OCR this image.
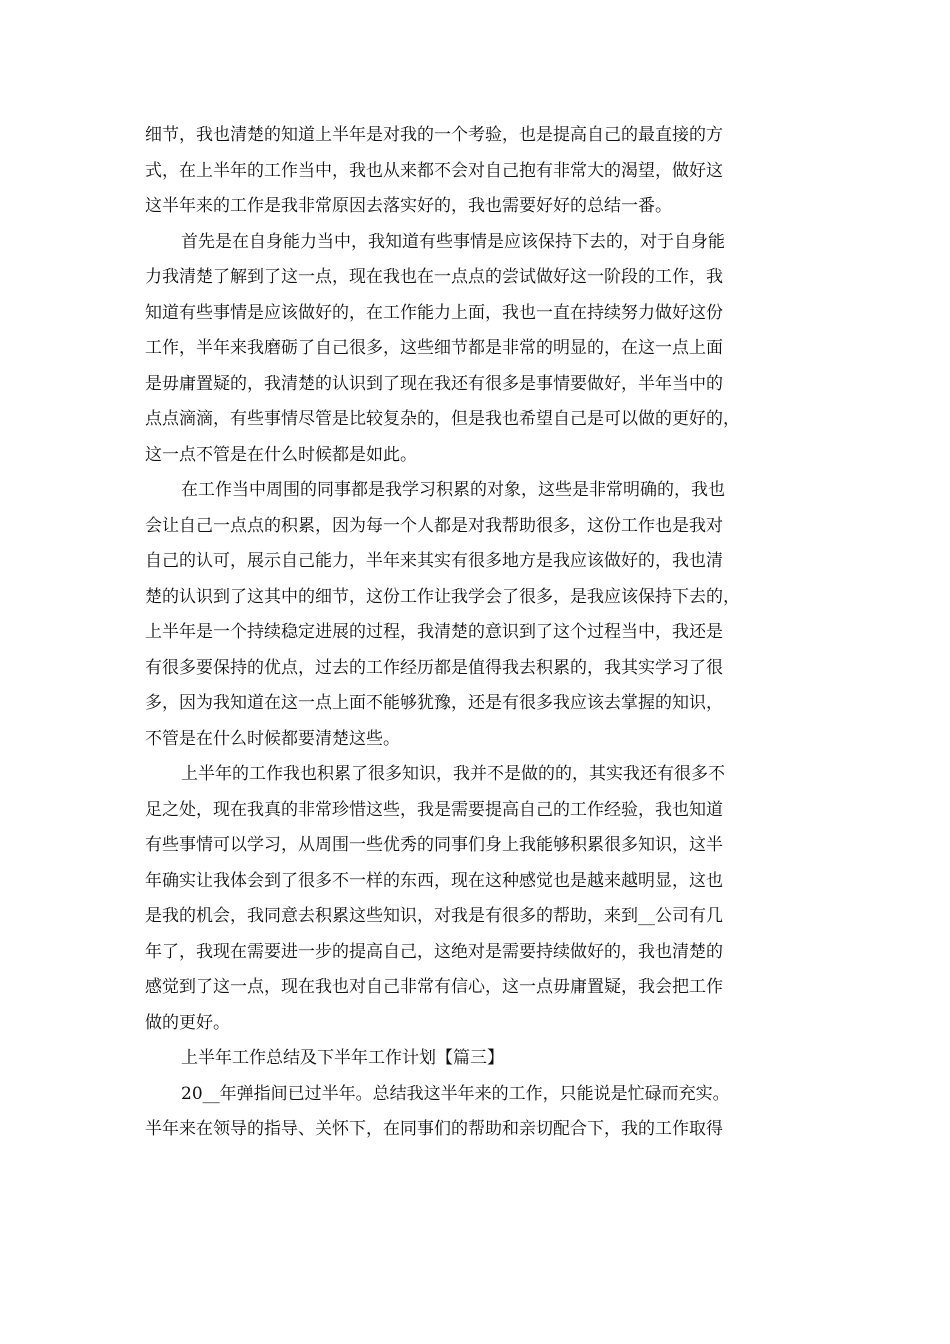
细节，我也清楚的知道上半年是对我的一个考验，也是提高自己的最直接的方
式，在上半年的工作当中，我也从来都不会对自己抱有非常大的渴望，做好这
这半年来的工作是我非常原因去落实好的，我也需要好好的总结一番。
首先是在自身能力当中，我知道有些事情是应该保持下去的，对于自身能
力我清楚了解到了这一点，现在我也在一点点的尝试做好这一阶段的工作，我
知道有些事情是应该做好的，在工作能力上面，我也一直在持续努力做好这份
工作，半年来我磨砺了自己很多，这些细节都是非常的明显的，在这一点上面
是毋庸置疑的，我清楚的认识到了现在我还有很多是事情要做好，半年当中的
点点滴滴，有些事情尽管是比较复杂的，但是我也希望自己是可以做的更好的，
这一点不管是在什么时候都是如此。
在工作当中周围的同事都是我学习积累的对象，这些是非常明确的，我也
会让自己一点点的积累，因为每一个人都是对我帮助很多，这份工作也是我对
自己的认可，展示自己能力，半年来其实有很多地方是我应该做好的，我也清
楚的认识到了这其中的细节，这份工作让我学会了很多，是我应该保持下去的，
上半年是一个持续稳定进展的过程，我清楚的意识到了这个过程当中，我还是
有很多要保持的优点，过去的工作经历都是值得我去积累的，我其实学习了很
多，因为我知道在这一点上面不能够犹豫，还是有很多我应该去掌握的知识，
不管是在什么时候都要清楚这些。
上半年的工作我也积累了很多知识，我并不是做的的，其实我还有很多不
足之处，现在我真的非常珍惜这些，我是需要提高自己的工作经验，我也知道
有些事情可以学习，从周围一些优秀的同事们身上我能够积累很多知识，这半
年确实让我体会到了很多不一样的东西，现在这种感觉也是越来越明显，这也
是我的机会，我同意去积累这些知识，对我是有很多的帮助，来到__公司有几
年了，我现在需要进一步的提高自己，这绝对是需要持续做好的，我也清楚的
感觉到了这一点，现在我也对自己非常有信心，这一点毋庸置疑，我会把工作
做的更好。
上半年工作总结及下半年工作计划【篇三】
20__年弹指间已过半年。总结我这半年来的工作，只能说是忙碌而充实。
半年来在领导的指导、关怀下，在同事们的帮助和亲切配合下，我的工作取得
